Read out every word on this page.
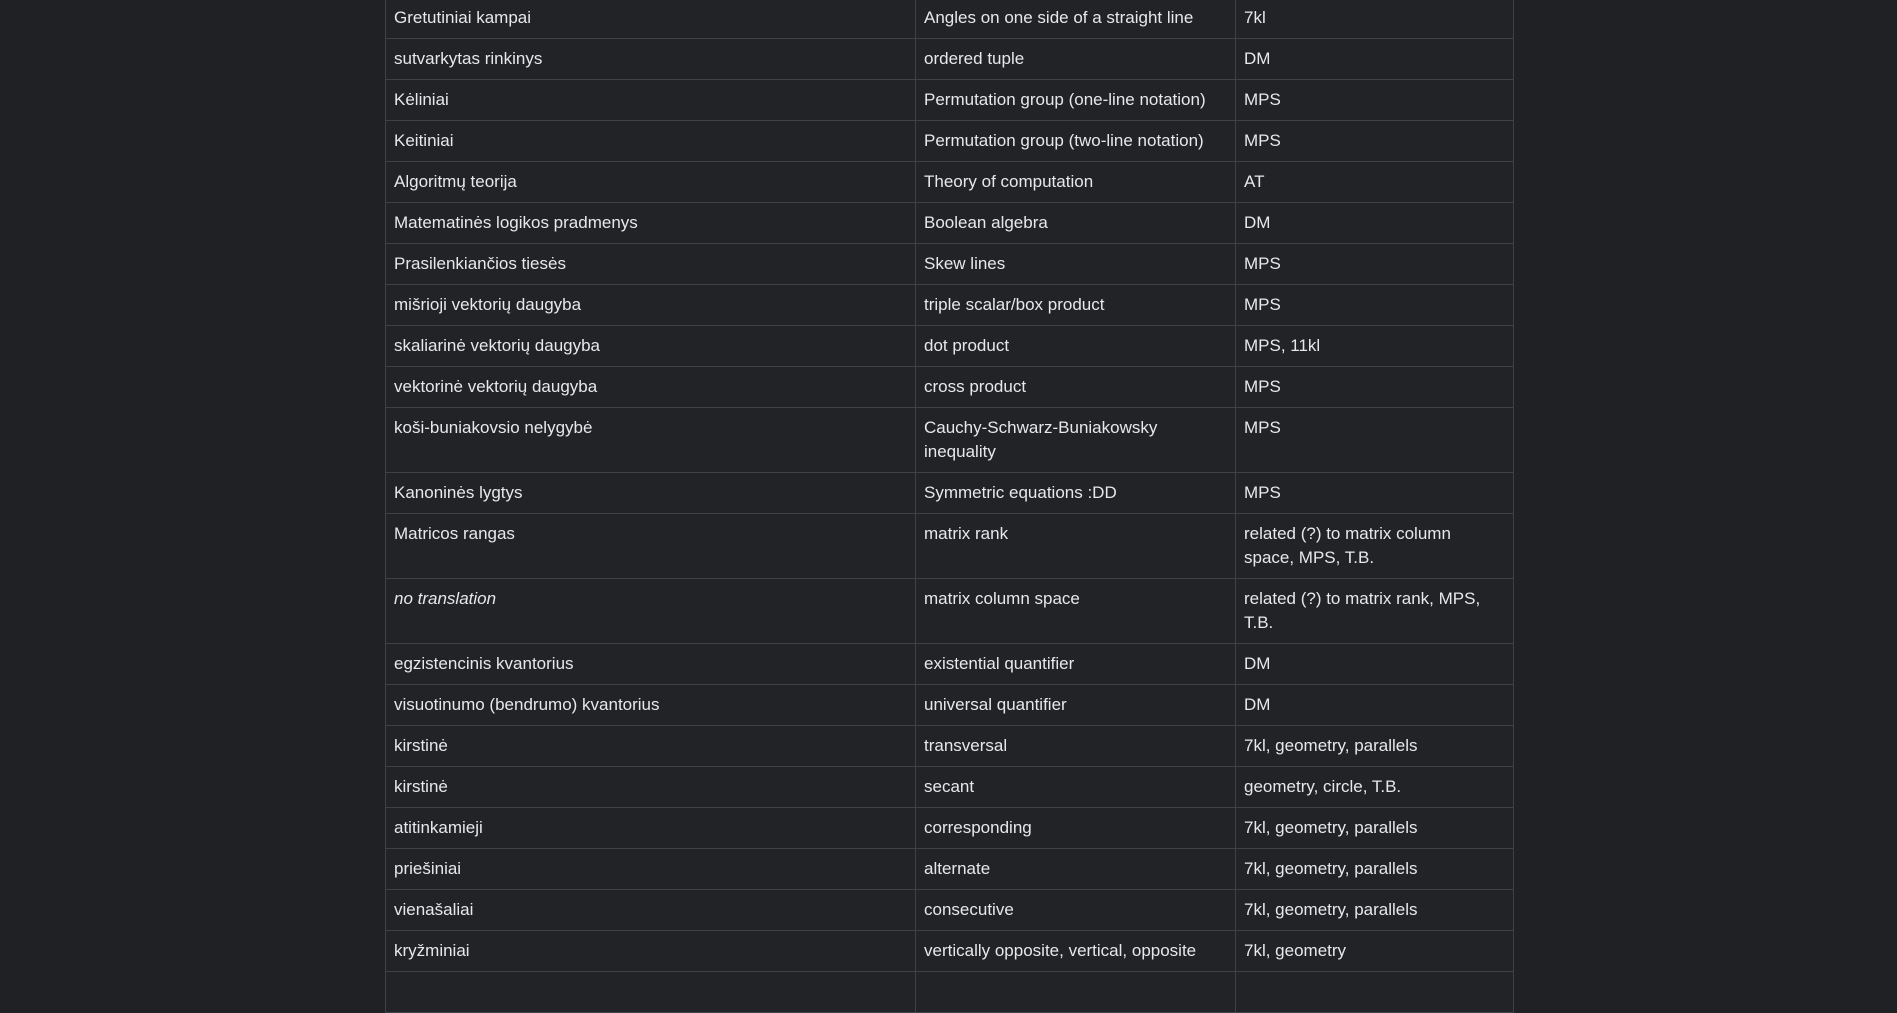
Gretutiniai kampai	Angles on one side of a straight line	7kl
sutvarkytas rinkinys	ordered tuple	DM
Kėliniai	Permutation group (one-line notation)	MPS
Keitiniai	Permutation group (two-line notation)	MPS
Algoritmų teorija	Theory of computation	AT
Matematinės logikos pradmenys	Boolean algebra	DM
Prasilenkiančios tiesės	Skew lines	MPS
mišrioji vektorių daugyba	triple scalar/box product	MPS
skaliarinė vektorių daugyba	dot product	MPS, 11kl
vektorinė vektorių daugyba	cross product	MPS
koši-buniakovsio nelygybė	Cauchy-Schwarz-Buniakowsky inequality	MPS
Kanoninės lygtys	Symmetric equations :DD	MPS
Matricos rangas	matrix rank	related (?) to matrix column space, MPS, T.B.
no translation	matrix column space	related (?) to matrix rank, MPS, T.B.
egzistencinis kvantorius	existential quantifier	DM
visuotinumo (bendrumo) kvantorius	universal quantifier	DM
kirstinė	transversal	7kl, geometry, parallels
kirstinė	secant	geometry, circle, T.B.
atitinkamieji	corresponding	7kl, geometry, parallels
priešiniai	alternate	7kl, geometry, parallels
vienašaliai	consecutive	7kl, geometry, parallels
kryžminiai	vertically opposite, vertical, opposite	7kl, geometry
